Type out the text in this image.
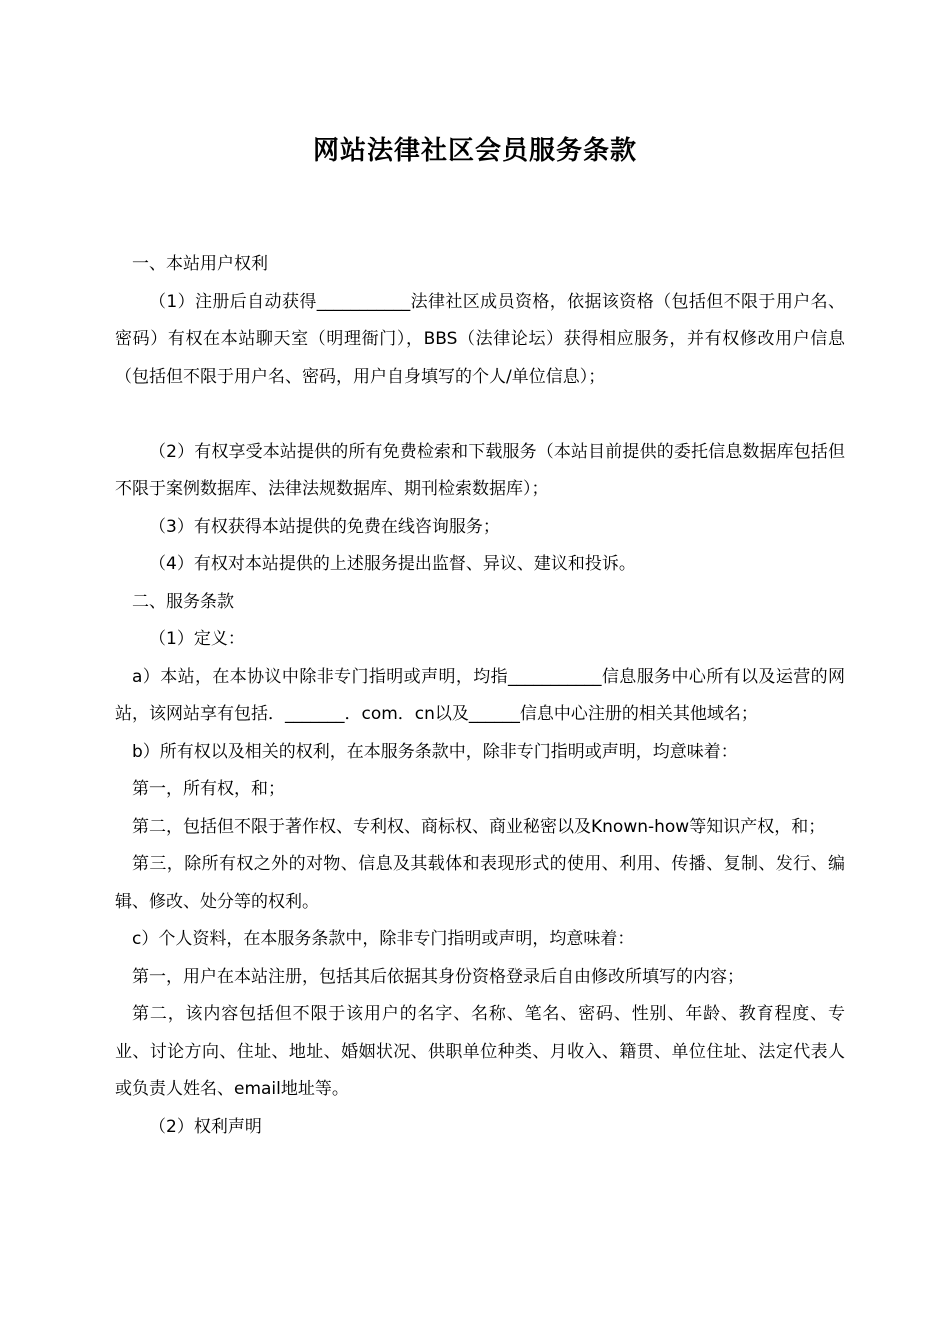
网站法律社区会员服务条款

一、本站用户权利

（1）注册后自动获得___________法律社区成员资格，依据该资格（包括但不限于用户名、密码）有权在本站聊天室（明理衙门），BBS（法律论坛）获得相应服务，并有权修改用户信息（包括但不限于用户名、密码，用户自身填写的个人/单位信息）；

（2）有权享受本站提供的所有免费检索和下载服务（本站目前提供的委托信息数据库包括但不限于案例数据库、法律法规数据库、期刊检索数据库）；

（3）有权获得本站提供的免费在线咨询服务；

（4）有权对本站提供的上述服务提出监督、异议、建议和投诉。

二、服务条款

（1）定义：

a）本站，在本协议中除非专门指明或声明，均指___________信息服务中心所有以及运营的网站，该网站享有包括．_______．com．cn以及______信息中心注册的相关其他域名；

b）所有权以及相关的权利，在本服务条款中，除非专门指明或声明，均意味着：

第一，所有权，和；

第二，包括但不限于著作权、专利权、商标权、商业秘密以及Known-how等知识产权，和；

第三，除所有权之外的对物、信息及其载体和表现形式的使用、利用、传播、复制、发行、编辑、修改、处分等的权利。

c）个人资料，在本服务条款中，除非专门指明或声明，均意味着：

第一，用户在本站注册，包括其后依据其身份资格登录后自由修改所填写的内容；

第二，该内容包括但不限于该用户的名字、名称、笔名、密码、性别、年龄、教育程度、专业、讨论方向、住址、地址、婚姻状况、供职单位种类、月收入、籍贯、单位住址、法定代表人或负责人姓名、email地址等。

（2）权利声明
